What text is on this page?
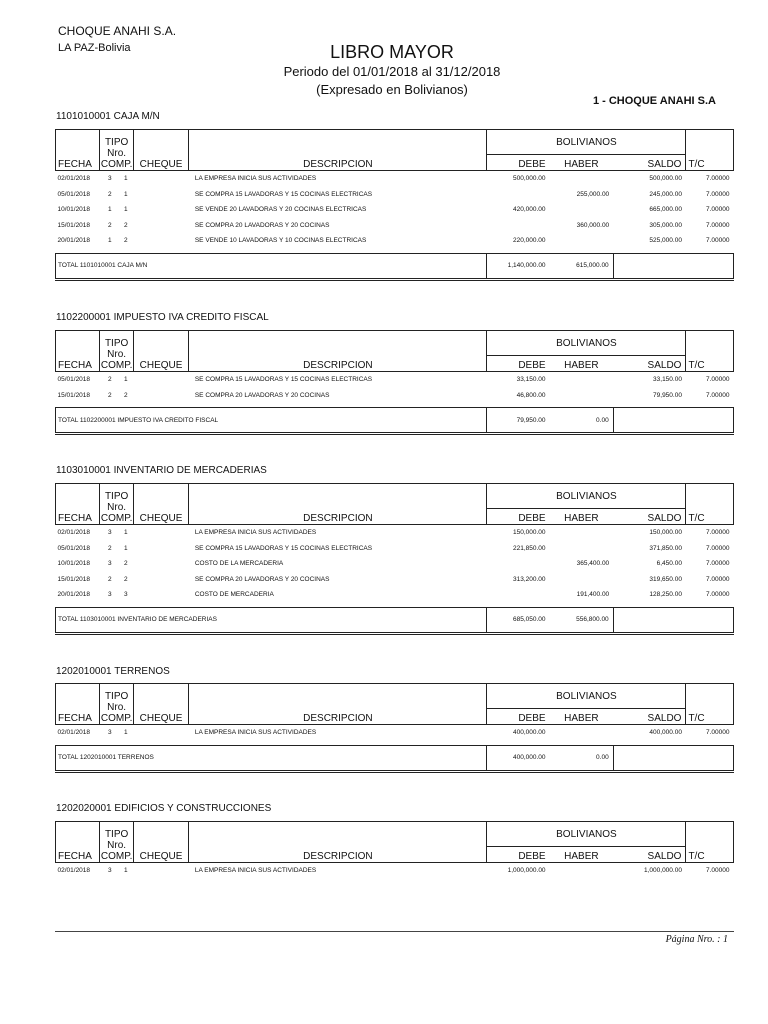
CHOQUE ANAHI S.A.
LA PAZ-Bolivia	LIBRO MAYOR
Periodo del 01/01/2018 al 31/12/2018
(Expresado en Bolivianos)
1 - CHOQUE ANAHI S.A
1101010001 CAJA M/N
FECHA	TIPO
Nro.
COMP.	CHEQUE	DESCRIPCION	BOLIVIANOS			T/C
				DEBE	HABER	SALDO	
02/01/2018	3 1		LA EMPRESA INICIA SUS ACTIVIDADES	500,000.00		500,000.00	7.00000
05/01/2018	2 1		SE COMPRA 15 LAVADORAS Y 15 COCINAS ELECTRICAS		255,000.00	245,000.00	7.00000
10/01/2018	1 1		SE VENDE 20 LAVADORAS Y 20 COCINAS ELECTRICAS	420,000.00		665,000.00	7.00000
15/01/2018	2 2		SE COMPRA 20 LAVADORAS Y 20 COCINAS		360,000.00	305,000.00	7.00000
20/01/2018	1 2		SE VENDE 10 LAVADORAS Y 10 COCINAS ELECTRICAS	220,000.00		525,000.00	7.00000

TOTAL 1101010001 CAJA M/N				1,140,000.00	615,000.00		
1102200001 IMPUESTO IVA CREDITO FISCAL
FECHA	TIPO
Nro.
COMP.	CHEQUE	DESCRIPCION	BOLIVIANOS			T/C
				DEBE	HABER	SALDO	
05/01/2018	2 1		SE COMPRA 15 LAVADORAS Y 15 COCINAS ELECTRICAS	33,150.00		33,150.00	7.00000
15/01/2018	2 2		SE COMPRA 20 LAVADORAS Y 20 COCINAS	46,800.00		79,950.00	7.00000

TOTAL 1102200001 IMPUESTO IVA CREDITO FISCAL				79,950.00	0.00		
1103010001 INVENTARIO DE MERCADERIAS
FECHA	TIPO
Nro.
COMP.	CHEQUE	DESCRIPCION	BOLIVIANOS			T/C
				DEBE	HABER	SALDO	
02/01/2018	3 1		LA EMPRESA INICIA SUS ACTIVIDADES	150,000.00		150,000.00	7.00000
05/01/2018	2 1		SE COMPRA 15 LAVADORAS Y 15 COCINAS ELECTRICAS	221,850.00		371,850.00	7.00000
10/01/2018	3 2		COSTO DE LA MERCADERIA		365,400.00	6,450.00	7.00000
15/01/2018	2 2		SE COMPRA 20 LAVADORAS Y 20 COCINAS	313,200.00		319,650.00	7.00000
20/01/2018	3 3		COSTO DE MERCADERIA		191,400.00	128,250.00	7.00000

TOTAL 1103010001 INVENTARIO DE MERCADERIAS				685,050.00	556,800.00		
1202010001 TERRENOS
FECHA	TIPO
Nro.
COMP.	CHEQUE	DESCRIPCION	BOLIVIANOS			T/C
				DEBE	HABER	SALDO	
02/01/2018	3 1		LA EMPRESA INICIA SUS ACTIVIDADES	400,000.00		400,000.00	7.00000

TOTAL 1202010001 TERRENOS				400,000.00	0.00		
1202020001 EDIFICIOS Y CONSTRUCCIONES
FECHA	TIPO
Nro.
COMP.	CHEQUE	DESCRIPCION	BOLIVIANOS			T/C
				DEBE	HABER	SALDO	
02/01/2018	3 1		LA EMPRESA INICIA SUS ACTIVIDADES	1,000,000.00		1,000,000.00	7.00000
Página Nro. : 1
